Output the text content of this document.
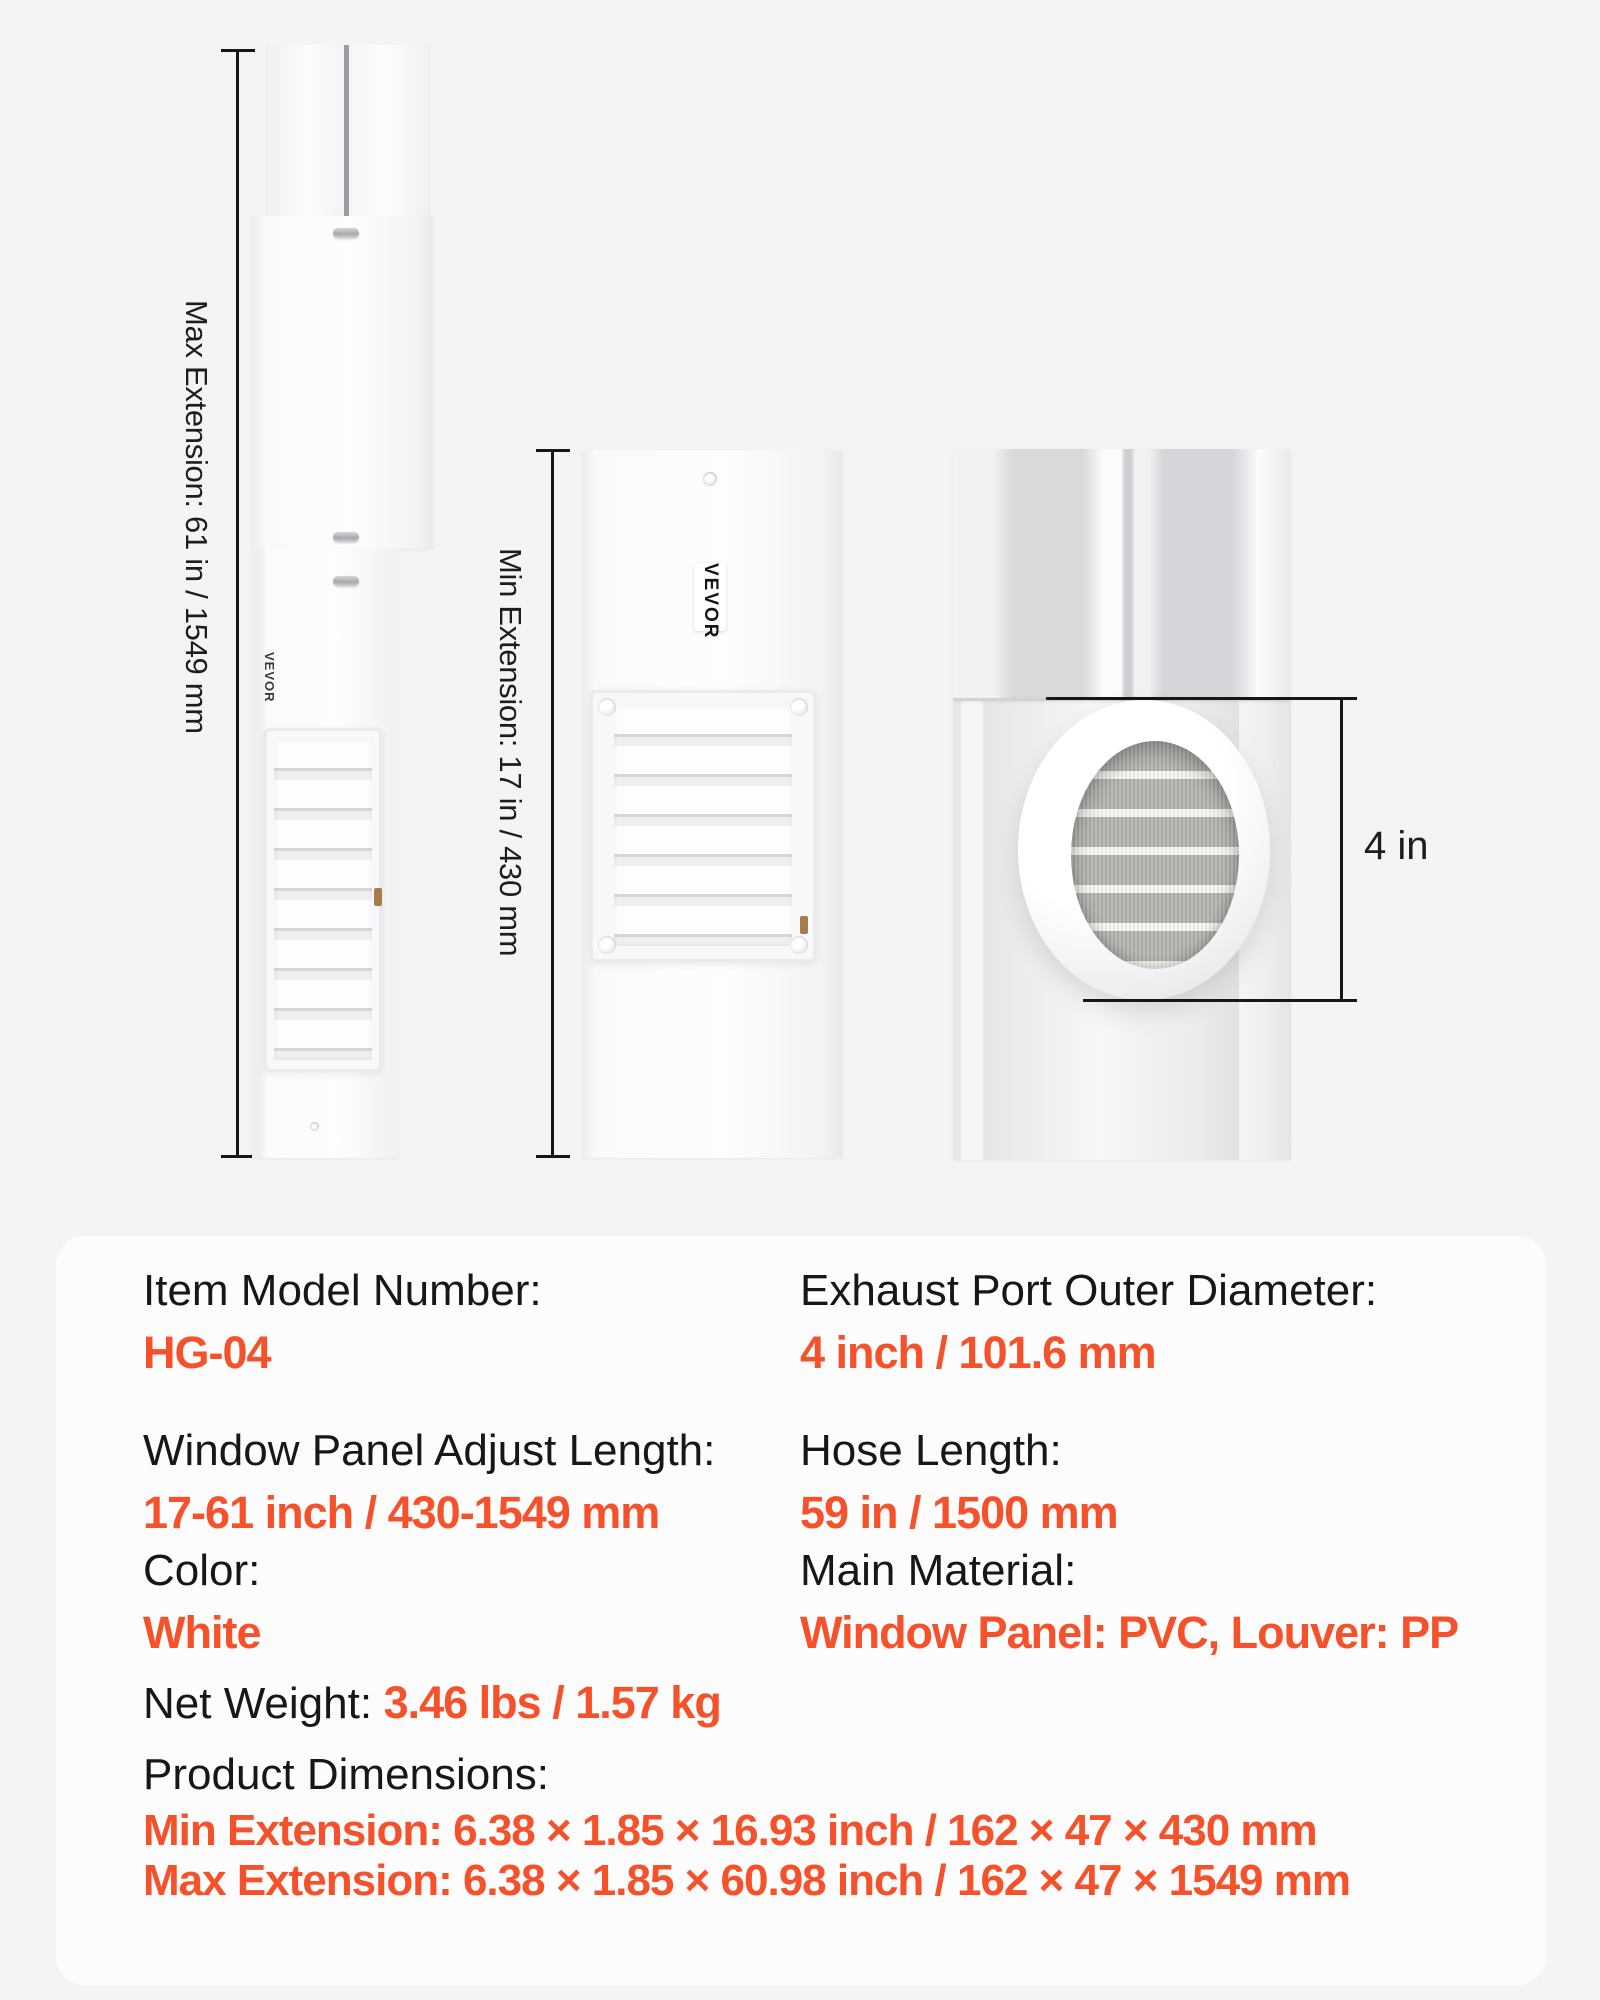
Max Extension: 61 in / 1549 mm	VEVOR	Min Extension: 17 in / 430 mm	VEVOR
4 in
Item Model Number:
HG-04
Exhaust Port Outer Diameter:
4 inch / 101.6 mm
Window Panel Adjust Length:
17-61 inch / 430-1549 mm
Hose Length:
59 in / 1500 mm
Color:
White
Main Material:
Window Panel: PVC, Louver: PP
Net Weight: 3.46 lbs / 1.57 kg
Product Dimensions:
Min Extension: 6.38 × 1.85 × 16.93 inch / 162 × 47 × 430 mm
Max Extension: 6.38 × 1.85 × 60.98 inch / 162 × 47 × 1549 mm
